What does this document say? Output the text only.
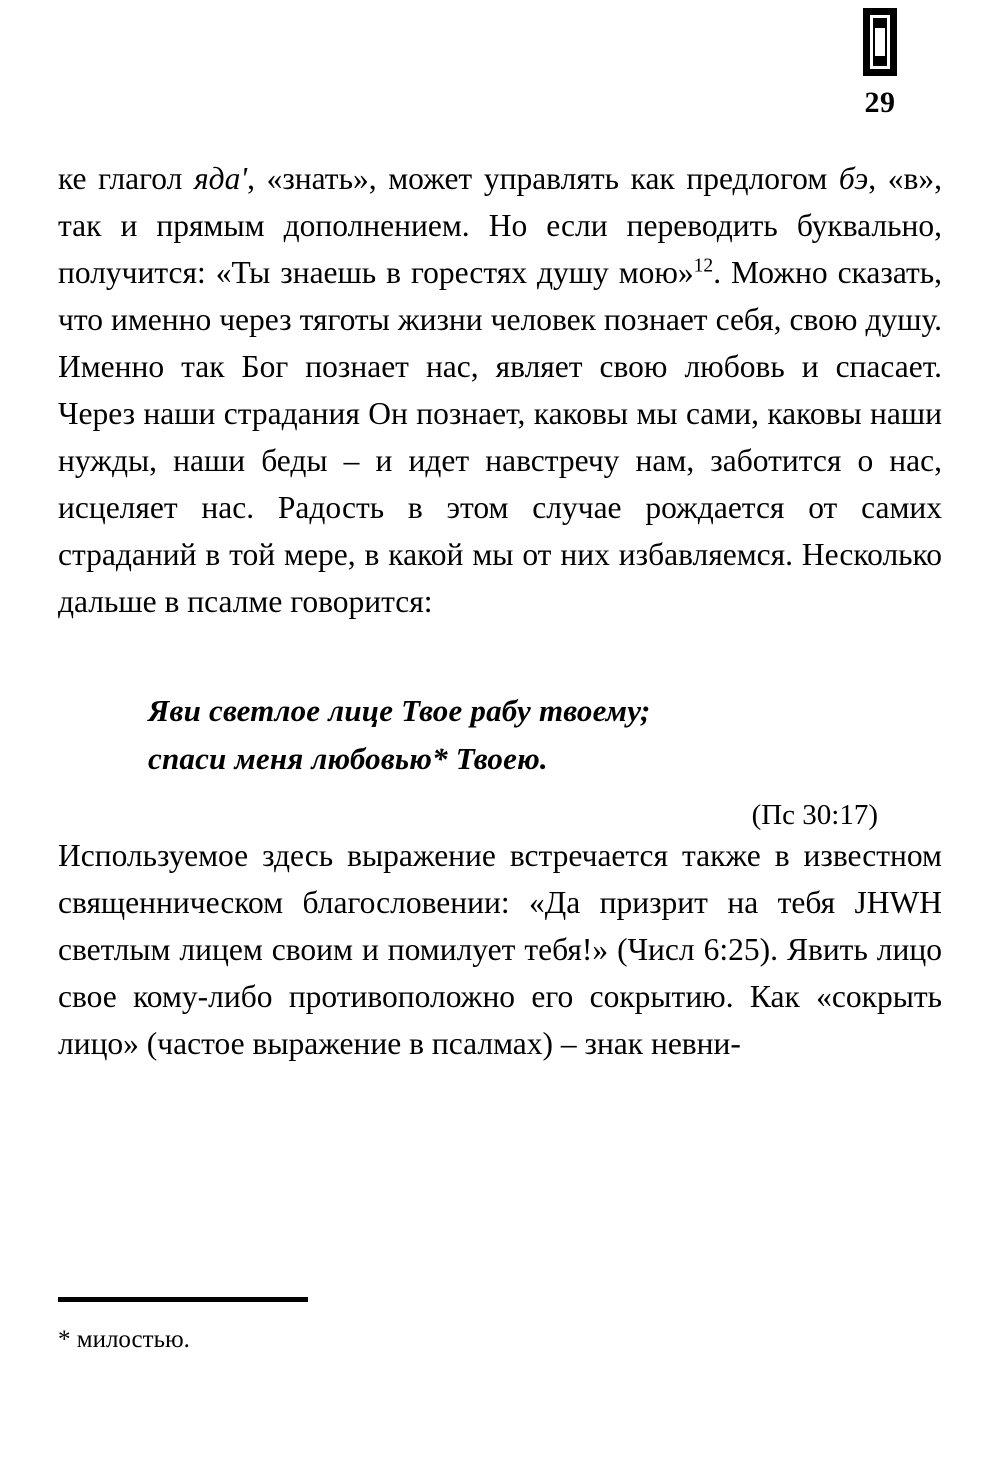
29

ке глагол яда', «знать», может управлять как предлогом бэ, «в», так и прямым дополнением. Но если переводить буквально, получится: «Ты знаешь в горестях душу мою»$^{12}$. Можно сказать, что именно через тяготы жизни человек познает себя, свою душу. Именно так Бог познает нас, являет свою любовь и спасает. Через наши страдания Он познает, каковы мы сами, каковы наши нужды, наши беды – и идет навстречу нам, заботится о нас, исцеляет нас. Радость в этом случае рождается от самих страданий в той мере, в какой мы от них избавляемся. Несколько дальше в псалме говорится:

Яви светлое лице Твое рабу твоему;
спаси меня любовью* Твоею.
(Пс 30:17)

Используемое здесь выражение встречается также в известном священническом благословении: «Да призрит на тебя JHWH светлым лицем своим и помилует тебя!» (Числ 6:25). Явить лицо свое кому-либо противоположно его сокрытию. Как «сокрыть лицо» (частое выражение в псалмах) – знак невни-

* милостью.
